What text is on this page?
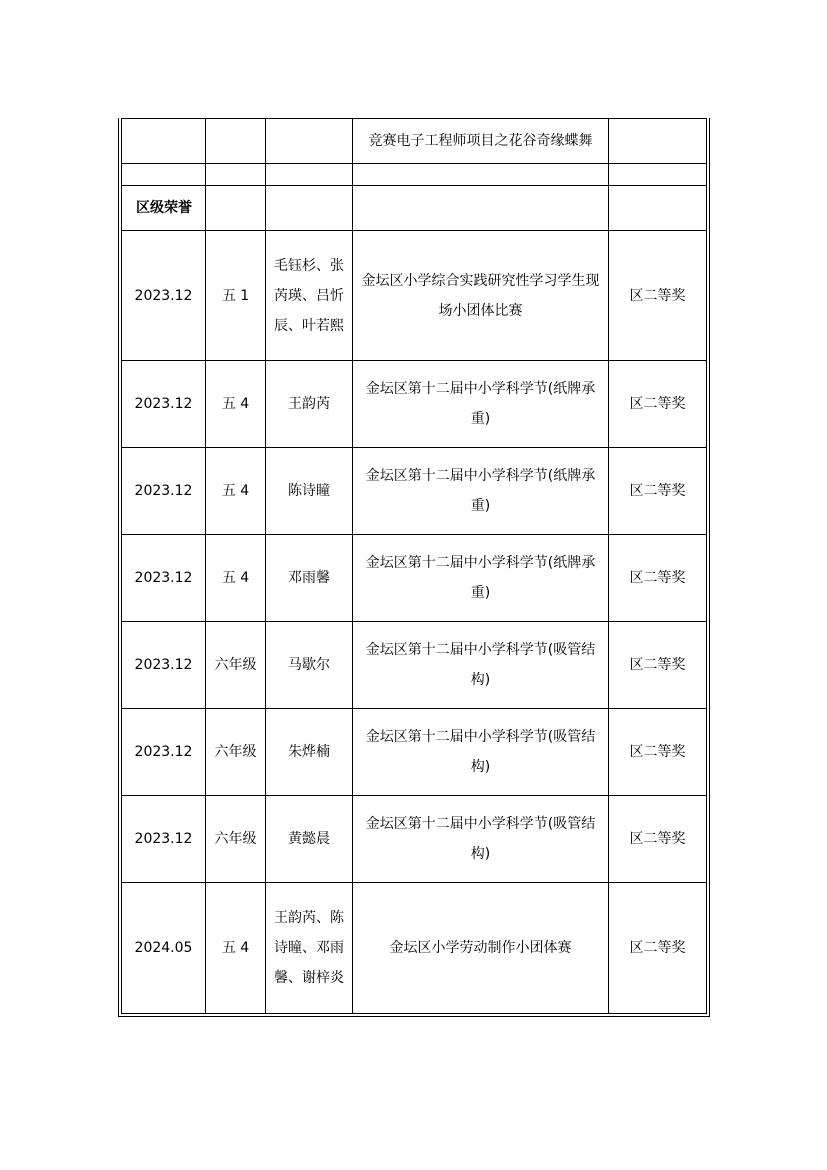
			竞赛电子工程师项目之花谷奇缘蝶舞	

区级荣誉				
2023.12	五 1	毛钰杉、张芮瑛、吕忻辰、叶若熙	金坛区小学综合实践研究性学习学生现场小团体比赛	区二等奖
2023.12	五 4	王韵芮	金坛区第十二届中小学科学节(纸牌承重)	区二等奖
2023.12	五 4	陈诗瞳	金坛区第十二届中小学科学节(纸牌承重)	区二等奖
2023.12	五 4	邓雨馨	金坛区第十二届中小学科学节(纸牌承重)	区二等奖
2023.12	六年级	马歇尔	金坛区第十二届中小学科学节(吸管结构)	区二等奖
2023.12	六年级	朱烨楠	金坛区第十二届中小学科学节(吸管结构)	区二等奖
2023.12	六年级	黄懿晨	金坛区第十二届中小学科学节(吸管结构)	区二等奖
2024.05	五 4	王韵芮、陈诗瞳、邓雨馨、谢梓炎	金坛区小学劳动制作小团体赛	区二等奖
